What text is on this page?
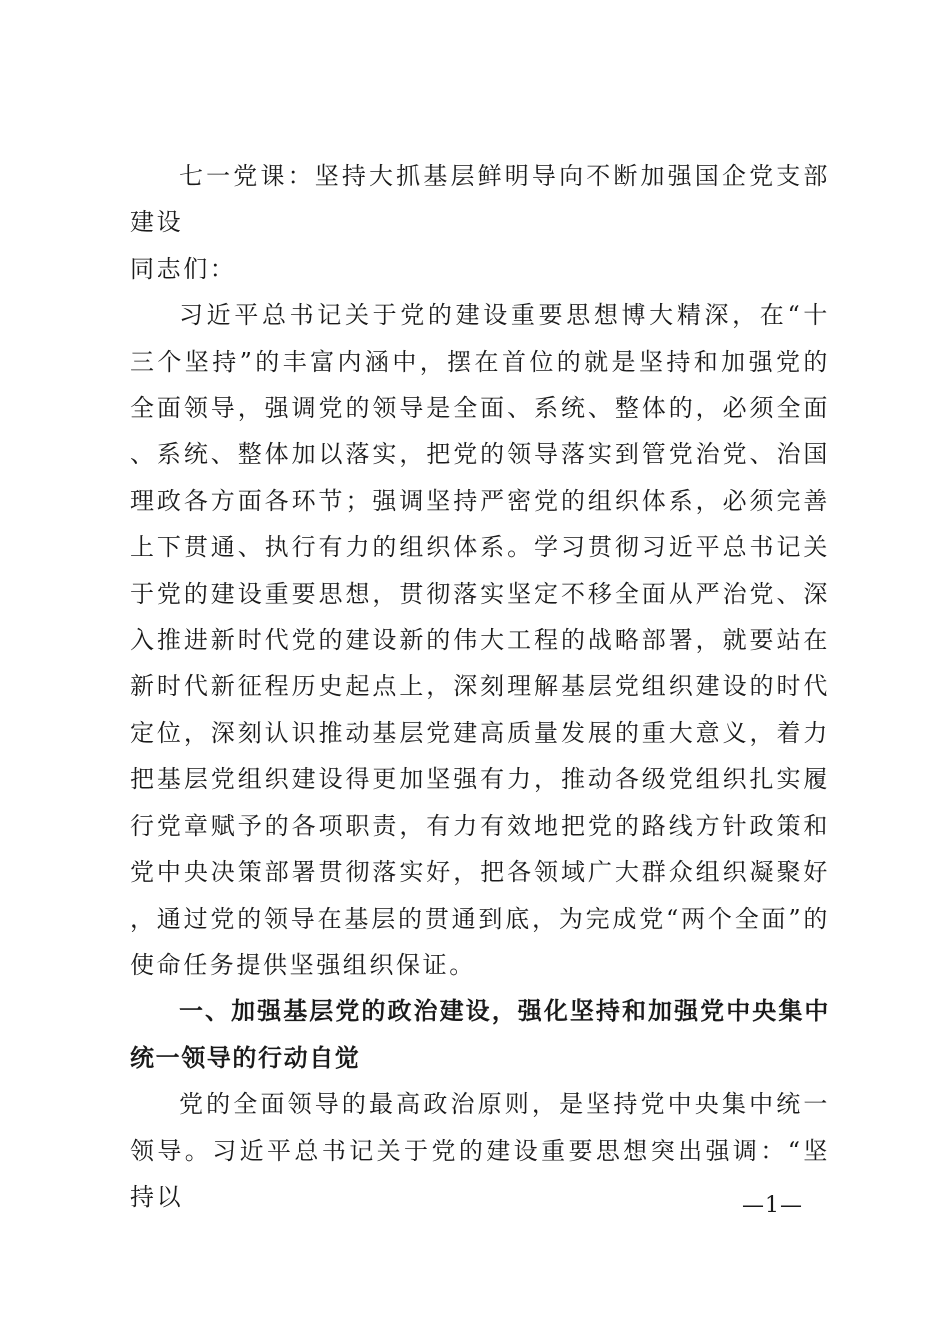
七一党课：坚持大抓基层鲜明导向不断加强国企党支部建设

同志们：

习近平总书记关于党的建设重要思想博大精深，在“十三个坚持”的丰富内涵中，摆在首位的就是坚持和加强党的全面领导，强调党的领导是全面、系统、整体的，必须全面、系统、整体加以落实，把党的领导落实到管党治党、治国理政各方面各环节；强调坚持严密党的组织体系，必须完善上下贯通、执行有力的组织体系。学习贯彻习近平总书记关于党的建设重要思想，贯彻落实坚定不移全面从严治党、深入推进新时代党的建设新的伟大工程的战略部署，就要站在新时代新征程历史起点上，深刻理解基层党组织建设的时代定位，深刻认识推动基层党建高质量发展的重大意义，着力把基层党组织建设得更加坚强有力，推动各级党组织扎实履行党章赋予的各项职责，有力有效地把党的路线方针政策和党中央决策部署贯彻落实好，把各领域广大群众组织凝聚好，通过党的领导在基层的贯通到底，为完成党“两个全面”的使命任务提供坚强组织保证。

一、加强基层党的政治建设，强化坚持和加强党中央集中统一领导的行动自觉

党的全面领导的最高政治原则，是坚持党中央集中统一领导。习近平总书记关于党的建设重要思想突出强调：“坚持以	—1—
